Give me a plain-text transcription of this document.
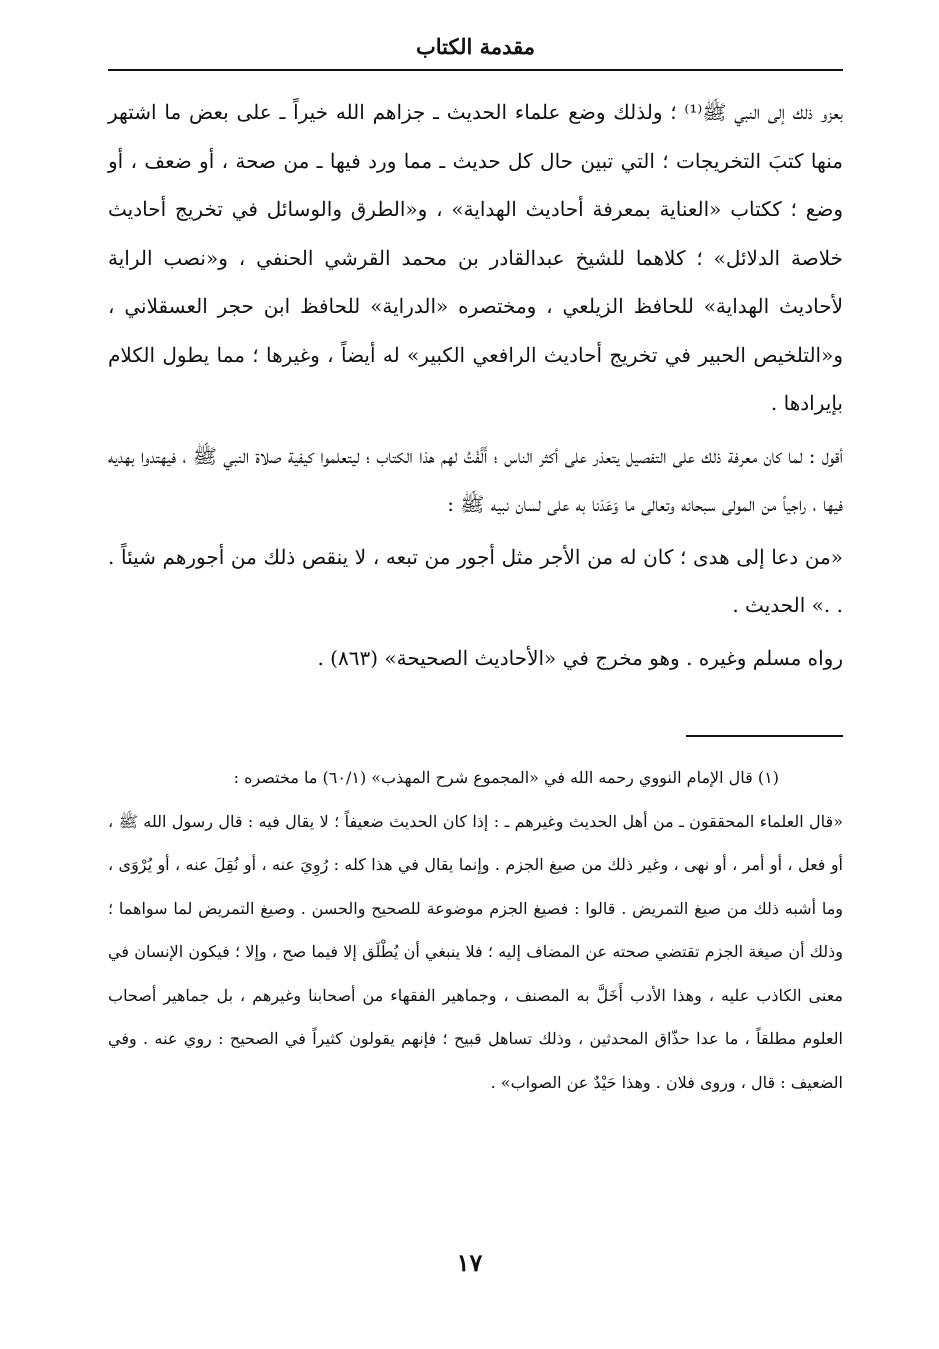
مقدمة الكتاب

بعزو ذلك إلى النبي ﷺ⁽¹⁾ ؛ ولذلك وضع علماء الحديث ـ جزاهم الله خيراً ـ على بعض ما اشتهر منها كتبَ التخريجات ؛ التي تبين حال كل حديث ـ مما ورد فيها ـ من صحة ، أو ضعف ، أو وضع ؛ ككتاب «العناية بمعرفة أحاديث الهداية» ، و«الطرق والوسائل في تخريج أحاديث خلاصة الدلائل» ؛ كلاهما للشيخ عبدالقادر بن محمد القرشي الحنفي ، و«نصب الراية لأحاديث الهداية» للحافظ الزيلعي ، ومختصره «الدراية» للحافظ ابن حجر العسقلاني ، و«التلخيص الحبير في تخريج أحاديث الرافعي الكبير» له أيضاً ، وغيرها ؛ مما يطول الكلام بإيرادها .

أقول : لما كان معرفة ذلك على التفصيل يتعذر على أكثر الناس ؛ أَلَّفْتُ لهم هذا الكتاب ؛ ليتعلموا كيفية صلاة النبي ﷺ ، فيهتدوا بهديه فيها ، راجياً من المولى سبحانه وتعالى ما وَعَدَنا به على لسان نبيه ﷺ :

«من دعا إلى هدى ؛ كان له من الأجر مثل أجور من تبعه ، لا ينقص ذلك من أجورهم شيئاً . . .» الحديث .

رواه مسلم وغيره . وهو مخرج في «الأحاديث الصحيحة» (٨٦٣) .

(١) قال الإمام النووي رحمه الله في «المجموع شرح المهذب» (٦٠/١) ما مختصره :

«قال العلماء المحققون ـ من أهل الحديث وغيرهم ـ : إذا كان الحديث ضعيفاً ؛ لا يقال فيه : قال رسول الله ﷺ ، أو فعل ، أو أمر ، أو نهى ، وغير ذلك من صيغ الجزم . وإنما يقال في هذا كله : رُوِيَ عنه ، أو نُقِلَ عنه ، أو يُرْوَى ، وما أشبه ذلك من صيغ التمريض . قالوا : فصيغ الجزم موضوعة للصحيح والحسن . وصيغ التمريض لما سواهما ؛ وذلك أن صيغة الجزم تقتضي صحته عن المضاف إليه ؛ فلا ينبغي أن يُطْلَق إلا فيما صح ، وإلا ؛ فيكون الإنسان في معنى الكاذب عليه ، وهذا الأدب أَخَلَّ به المصنف ، وجماهير الفقهاء من أصحابنا وغيرهم ، بل جماهير أصحاب العلوم مطلقاً ، ما عدا حذّاق المحدثين ، وذلك تساهل قبيح ؛ فإنهم يقولون كثيراً في الصحيح : روي عنه . وفي الضعيف : قال ، وروى فلان . وهذا حَيْدٌ عن الصواب» .

١٧
